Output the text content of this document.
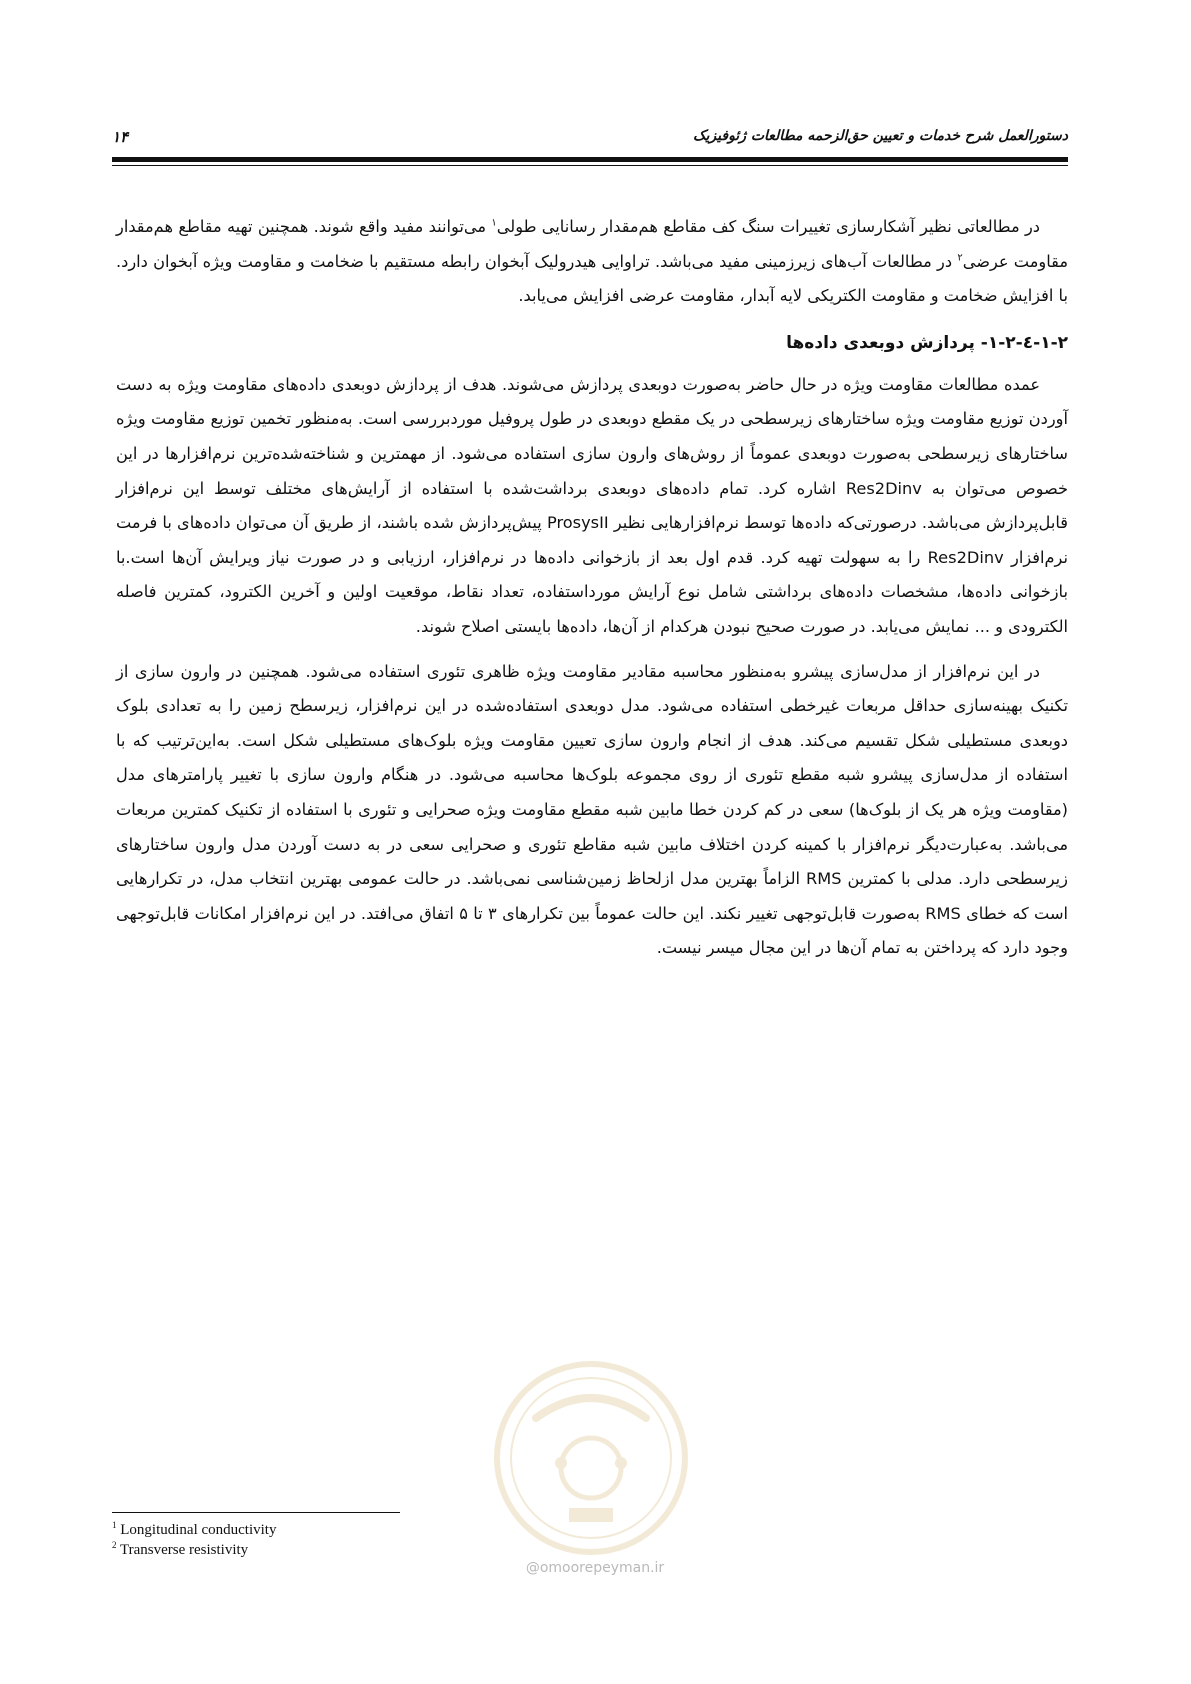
۱۴	دستورالعمل شرح خدمات و تعیین حق‌الزحمه مطالعات ژئوفیزیک

در مطالعاتی نظیر آشکارسازی تغییرات سنگ کف مقاطع هم‌مقدار رسانایی طولی$^۱$ می‌توانند مفید واقع شوند. همچنین تهیه مقاطع هم‌مقدار مقاومت عرضی$^۲$ در مطالعات آب‌های زیرزمینی مفید می‌باشد. تراوایی هیدرولیک آبخوان رابطه مستقیم با ضخامت و مقاومت ویژه آبخوان دارد. با افزایش ضخامت و مقاومت الکتریکی لایه آبدار، مقاومت عرضی افزایش می‌یابد.

۱-۲-٤-۱-۲- پردازش دوبعدی داده‌ها

عمده مطالعات مقاومت ویژه در حال حاضر به‌صورت دوبعدی پردازش می‌شوند. هدف از پردازش دوبعدی داده‌های مقاومت ویژه به دست آوردن توزیع مقاومت ویژه ساختارهای زیرسطحی در یک مقطع دوبعدی در طول پروفیل موردبررسی است. به‌منظور تخمین توزیع مقاومت ویژه ساختارهای زیرسطحی به‌صورت دوبعدی عموماً از روش‌های وارون سازی استفاده می‌شود. از مهمترین و شناخته‌شده‌ترین نرم‌افزارها در این خصوص می‌توان به Res2Dinv اشاره کرد. تمام داده‌های دوبعدی برداشت‌شده با استفاده از آرایش‌های مختلف توسط این نرم‌افزار قابل‌پردازش می‌باشد. درصورتی‌که داده‌ها توسط نرم‌افزارهایی نظیر ProsysII پیش‌پردازش شده باشند، از طریق آن می‌توان داده‌های با فرمت نرم‌افزار Res2Dinv را به سهولت تهیه کرد. قدم اول بعد از بازخوانی داده‌ها در نرم‌افزار، ارزیابی و در صورت نیاز ویرایش آن‌ها است.با بازخوانی داده‌ها، مشخصات داده‌های برداشتی شامل نوع آرایش مورداستفاده، تعداد نقاط، موقعیت اولین و آخرین الکترود، کمترین فاصله الکترودی و ... نمایش می‌یابد. در صورت صحیح نبودن هرکدام از آن‌ها، داده‌ها بایستی اصلاح شوند.

در این نرم‌افزار از مدل‌سازی پیشرو به‌منظور محاسبه مقادیر مقاومت ویژه ظاهری تئوری استفاده می‌شود. همچنین در وارون سازی از تکنیک بهینه‌سازی حداقل مربعات غیرخطی استفاده می‌شود. مدل دوبعدی استفاده‌شده در این نرم‌افزار، زیرسطح زمین را به تعدادی بلوک دوبعدی مستطیلی شکل تقسیم می‌کند. هدف از انجام وارون سازی تعیین مقاومت ویژه بلوک‌های مستطیلی شکل است. به‌این‌ترتیب که با استفاده از مدل‌سازی پیشرو شبه مقطع تئوری از روی مجموعه بلوک‌ها محاسبه می‌شود. در هنگام وارون سازی با تغییر پارامترهای مدل (مقاومت ویژه هر یک از بلوک‌ها) سعی در کم کردن خطا مابین شبه مقطع مقاومت ویژه صحرایی و تئوری با استفاده از تکنیک کمترین مربعات می‌باشد. به‌عبارت‌دیگر نرم‌افزار با کمینه کردن اختلاف مابین شبه مقاطع تئوری و صحرایی سعی در به دست آوردن مدل وارون ساختارهای زیرسطحی دارد. مدلی با کمترین RMS الزاماً بهترین مدل ازلحاظ زمین‌شناسی نمی‌باشد. در حالت عمومی بهترین انتخاب مدل، در تکرارهایی است که خطای RMS به‌صورت قابل‌توجهی تغییر نکند. این حالت عموماً بین تکرارهای ۳ تا ۵ اتفاق می‌افتد. در این نرم‌افزار امکانات قابل‌توجهی وجود دارد که پرداختن به تمام آن‌ها در این مجال میسر نیست.

@omoorepeyman.ir
$^1$ Longitudinal conductivity
$^2$ Transverse resistivity
